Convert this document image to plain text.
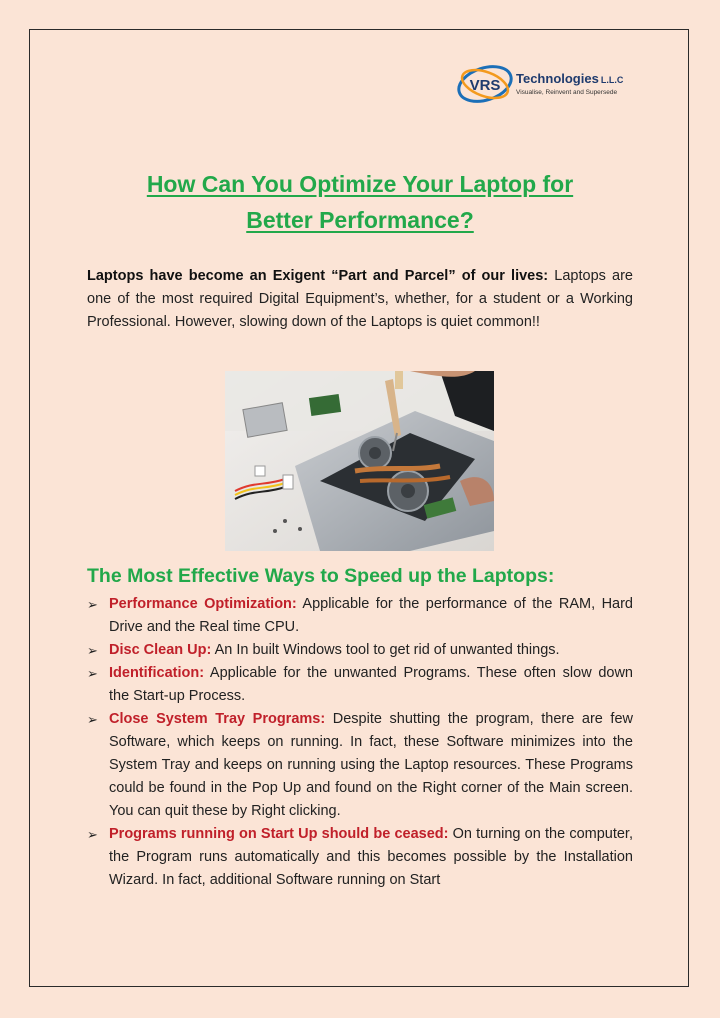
VRS Technologies L.L.C
Visualise, Reinvent and Supersede
How Can You Optimize Your Laptop for
Better Performance?

Laptops have become an Exigent “Part and Parcel” of our lives: Laptops are one of the most required Digital Equipment’s, whether, for a student or a Working Professional. However, slowing down of the Laptops is quiet common!!

The Most Effective Ways to Speed up the Laptops:
➢ Performance Optimization: Applicable for the performance of the RAM, Hard Drive and the Real time CPU.
➢ Disc Clean Up: An In built Windows tool to get rid of unwanted things.
➢ Identification: Applicable for the unwanted Programs. These often slow down the Start-up Process.
➢ Close System Tray Programs: Despite shutting the program, there are few Software, which keeps on running. In fact, these Software minimizes into the System Tray and keeps on running using the Laptop resources. These Programs could be found in the Pop Up and found on the Right corner of the Main screen. You can quit these by Right clicking.
➢ Programs running on Start Up should be ceased: On turning on the computer, the Program runs automatically and this becomes possible by the Installation Wizard. In fact, additional Software running on Start
